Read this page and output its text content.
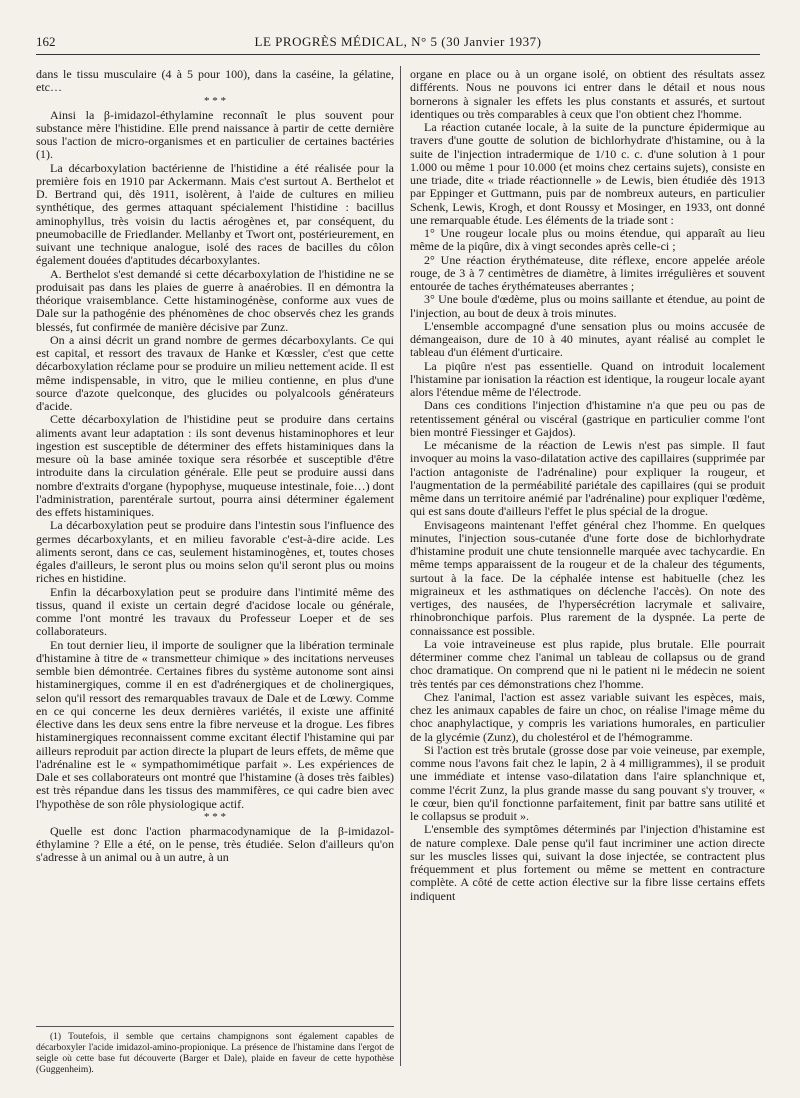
162	LE PROGRÈS MÉDICAL, N° 5 (30 Janvier 1937)

dans le tissu musculaire (4 à 5 pour 100), dans la caséine, la gélatine, etc…

* * *

Ainsi la β-imidazol-éthylamine reconnaît le plus souvent pour substance mère l'histidine. Elle prend naissance à partir de cette dernière sous l'action de micro-organismes et en particulier de certaines bactéries (1).

La décarboxylation bactérienne de l'histidine a été réalisée pour la première fois en 1910 par Ackermann. Mais c'est surtout A. Berthelot et D. Bertrand qui, dès 1911, isolèrent, à l'aide de cultures en milieu synthétique, des germes attaquant spécialement l'histidine : bacillus aminophyllus, très voisin du lactis aérogènes et, par conséquent, du pneumobacille de Friedlander. Mellanby et Twort ont, postérieurement, en suivant une technique analogue, isolé des races de bacilles du côlon également douées d'aptitudes décarboxylantes.

A. Berthelot s'est demandé si cette décarboxylation de l'histidine ne se produisait pas dans les plaies de guerre à anaérobies. Il en démontra la théorique vraisemblance. Cette histaminogénèse, conforme aux vues de Dale sur la pathogénie des phénomènes de choc observés chez les grands blessés, fut confirmée de manière décisive par Zunz.

On a ainsi décrit un grand nombre de germes décarboxylants. Ce qui est capital, et ressort des travaux de Hanke et Kœssler, c'est que cette décarboxylation réclame pour se produire un milieu nettement acide. Il est même indispensable, in vitro, que le milieu contienne, en plus d'une source d'azote quelconque, des glucides ou polyalcools générateurs d'acide.

Cette décarboxylation de l'histidine peut se produire dans certains aliments avant leur adaptation : ils sont devenus histaminophores et leur ingestion est susceptible de déterminer des effets histaminiques dans la mesure où la base aminée toxique sera résorbée et susceptible d'être introduite dans la circulation générale. Elle peut se produire aussi dans nombre d'extraits d'organe (hypophyse, muqueuse intestinale, foie…) dont l'administration, parentérale surtout, pourra ainsi déterminer également des effets histaminiques.

La décarboxylation peut se produire dans l'intestin sous l'influence des germes décarboxylants, et en milieu favorable c'est-à-dire acide. Les aliments seront, dans ce cas, seulement histaminogènes, et, toutes choses égales d'ailleurs, le seront plus ou moins selon qu'il seront plus ou moins riches en histidine.

Enfin la décarboxylation peut se produire dans l'intimité même des tissus, quand il existe un certain degré d'acidose locale ou générale, comme l'ont montré les travaux du Professeur Loeper et de ses collaborateurs.

En tout dernier lieu, il importe de souligner que la libération terminale d'histamine à titre de « transmetteur chimique » des incitations nerveuses semble bien démontrée. Certaines fibres du système autonome sont ainsi histaminergiques, comme il en est d'adrénergiques et de cholinergiques, selon qu'il ressort des remarquables travaux de Dale et de Lœwy. Comme en ce qui concerne les deux dernières variétés, il existe une affinité élective dans les deux sens entre la fibre nerveuse et la drogue. Les fibres histaminergiques reconnaissent comme excitant électif l'histamine qui par ailleurs reproduit par action directe la plupart de leurs effets, de même que l'adrénaline est le « sympathomimétique parfait ». Les expériences de Dale et ses collaborateurs ont montré que l'histamine (à doses très faibles) est très répandue dans les tissus des mammifères, ce qui cadre bien avec l'hypothèse de son rôle physiologique actif.

* * *

Quelle est donc l'action pharmacodynamique de la β-imidazol-éthylamine ? Elle a été, on le pense, très étudiée. Selon d'ailleurs qu'on s'adresse à un animal ou à un autre, à un

(1) Toutefois, il semble que certains champignons sont également capables de décarboxyler l'acide imidazol-amino-propionique. La présence de l'histamine dans l'ergot de seigle où cette base fut découverte (Barger et Dale), plaide en faveur de cette hypothèse (Guggenheim).

organe en place ou à un organe isolé, on obtient des résultats assez différents. Nous ne pouvons ici entrer dans le détail et nous nous bornerons à signaler les effets les plus constants et assurés, et surtout identiques ou très comparables à ceux que l'on obtient chez l'homme.

La réaction cutanée locale, à la suite de la puncture épidermique au travers d'une goutte de solution de bichlorhydrate d'histamine, ou à la suite de l'injection intradermique de 1/10 c. c. d'une solution à 1 pour 1.000 ou même 1 pour 10.000 (et moins chez certains sujets), consiste en une triade, dite « triade réactionnelle » de Lewis, bien étudiée dès 1913 par Eppinger et Guttmann, puis par de nombreux auteurs, en particulier Schenk, Lewis, Krogh, et dont Roussy et Mosinger, en 1933, ont donné une remarquable étude. Les éléments de la triade sont :

1° Une rougeur locale plus ou moins étendue, qui apparaît au lieu même de la piqûre, dix à vingt secondes après celle-ci ;

2° Une réaction érythémateuse, dite réflexe, encore appelée aréole rouge, de 3 à 7 centimètres de diamètre, à limites irrégulières et souvent entourée de taches érythémateuses aberrantes ;

3° Une boule d'œdème, plus ou moins saillante et étendue, au point de l'injection, au bout de deux à trois minutes.

L'ensemble accompagné d'une sensation plus ou moins accusée de démangeaison, dure de 10 à 40 minutes, ayant réalisé au complet le tableau d'un élément d'urticaire.

La piqûre n'est pas essentielle. Quand on introduit localement l'histamine par ionisation la réaction est identique, la rougeur locale ayant alors l'étendue même de l'électrode.

Dans ces conditions l'injection d'histamine n'a que peu ou pas de retentissement général ou viscéral (gastrique en particulier comme l'ont bien montré Fiessinger et Gajdos).

Le mécanisme de la réaction de Lewis n'est pas simple. Il faut invoquer au moins la vaso-dilatation active des capillaires (supprimée par l'action antagoniste de l'adrénaline) pour expliquer la rougeur, et l'augmentation de la perméabilité pariétale des capillaires (qui se produit même dans un territoire anémié par l'adrénaline) pour expliquer l'œdème, qui est sans doute d'ailleurs l'effet le plus spécial de la drogue.

Envisageons maintenant l'effet général chez l'homme. En quelques minutes, l'injection sous-cutanée d'une forte dose de bichlorhydrate d'histamine produit une chute tensionnelle marquée avec tachycardie. En même temps apparaissent de la rougeur et de la chaleur des téguments, surtout à la face. De la céphalée intense est habituelle (chez les migraineux et les asthmatiques on déclenche l'accès). On note des vertiges, des nausées, de l'hypersécrétion lacrymale et salivaire, rhinobronchique parfois. Plus rarement de la dyspnée. La perte de connaissance est possible.

La voie intraveineuse est plus rapide, plus brutale. Elle pourrait déterminer comme chez l'animal un tableau de collapsus ou de grand choc dramatique. On comprend que ni le patient ni le médecin ne soient très tentés par ces démonstrations chez l'homme.

Chez l'animal, l'action est assez variable suivant les espèces, mais, chez les animaux capables de faire un choc, on réalise l'image même du choc anaphylactique, y compris les variations humorales, en particulier de la glycémie (Zunz), du cholestérol et de l'hémogramme.

Si l'action est très brutale (grosse dose par voie veineuse, par exemple, comme nous l'avons fait chez le lapin, 2 à 4 milligrammes), il se produit une immédiate et intense vaso-dilatation dans l'aire splanchnique et, comme l'écrit Zunz, la plus grande masse du sang pouvant s'y trouver, « le cœur, bien qu'il fonctionne parfaitement, finit par battre sans utilité et le collapsus se produit ».

L'ensemble des symptômes déterminés par l'injection d'histamine est de nature complexe. Dale pense qu'il faut incriminer une action directe sur les muscles lisses qui, suivant la dose injectée, se contractent plus fréquemment et plus fortement ou même se mettent en contracture complète. A côté de cette action élective sur la fibre lisse certains effets indiquent
